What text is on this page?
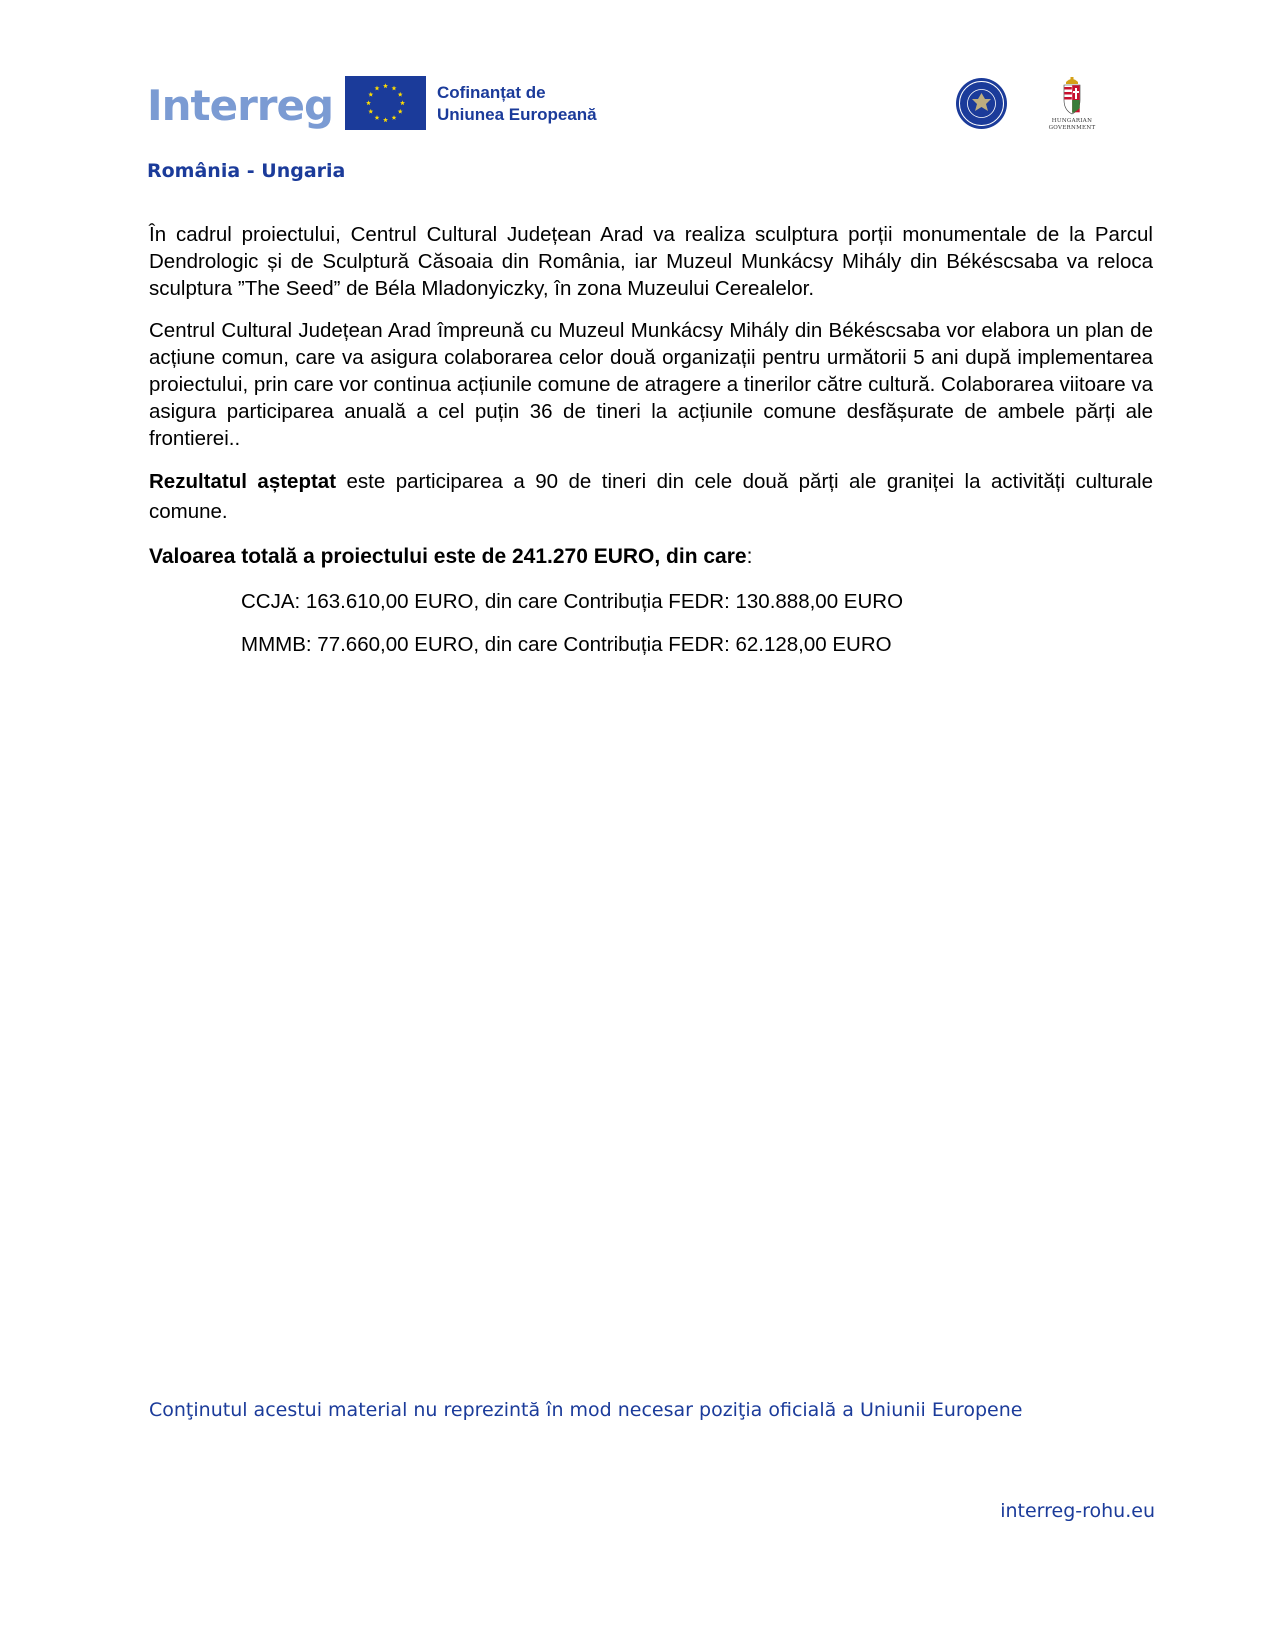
Interreg	Cofinanțat de
Uniunea Europeană	HUNGARIAN
GOVERNMENT
România - Ungaria

În cadrul proiectului, Centrul Cultural Județean Arad va realiza sculptura porții monumentale de la Parcul Dendrologic și de Sculptură Căsoaia din România, iar Muzeul Munkácsy Mihály din Békéscsaba va reloca sculptura ”The Seed” de Béla Mladonyiczky, în zona Muzeului Cerealelor.

Centrul Cultural Județean Arad împreună cu Muzeul Munkácsy Mihály din Békéscsaba vor elabora un plan de acțiune comun, care va asigura colaborarea celor două organizații pentru următorii 5 ani după implementarea proiectului, prin care vor continua acțiunile comune de atragere a tinerilor către cultură. Colaborarea viitoare va asigura participarea anuală a cel puțin 36 de tineri la acțiunile comune desfășurate de ambele părți ale frontierei..

Rezultatul așteptat este participarea a 90 de tineri din cele două părți ale graniței la activități culturale comune.

Valoarea totală a proiectului este de 241.270 EURO, din care:
CCJA: 163.610,00 EURO, din care Contribuția FEDR: 130.888,00 EURO
MMMB: 77.660,00 EURO, din care Contribuția FEDR: 62.128,00 EURO
Conţinutul acestui material nu reprezintă în mod necesar poziţia oficială a Uniunii Europene
interreg-rohu.eu
